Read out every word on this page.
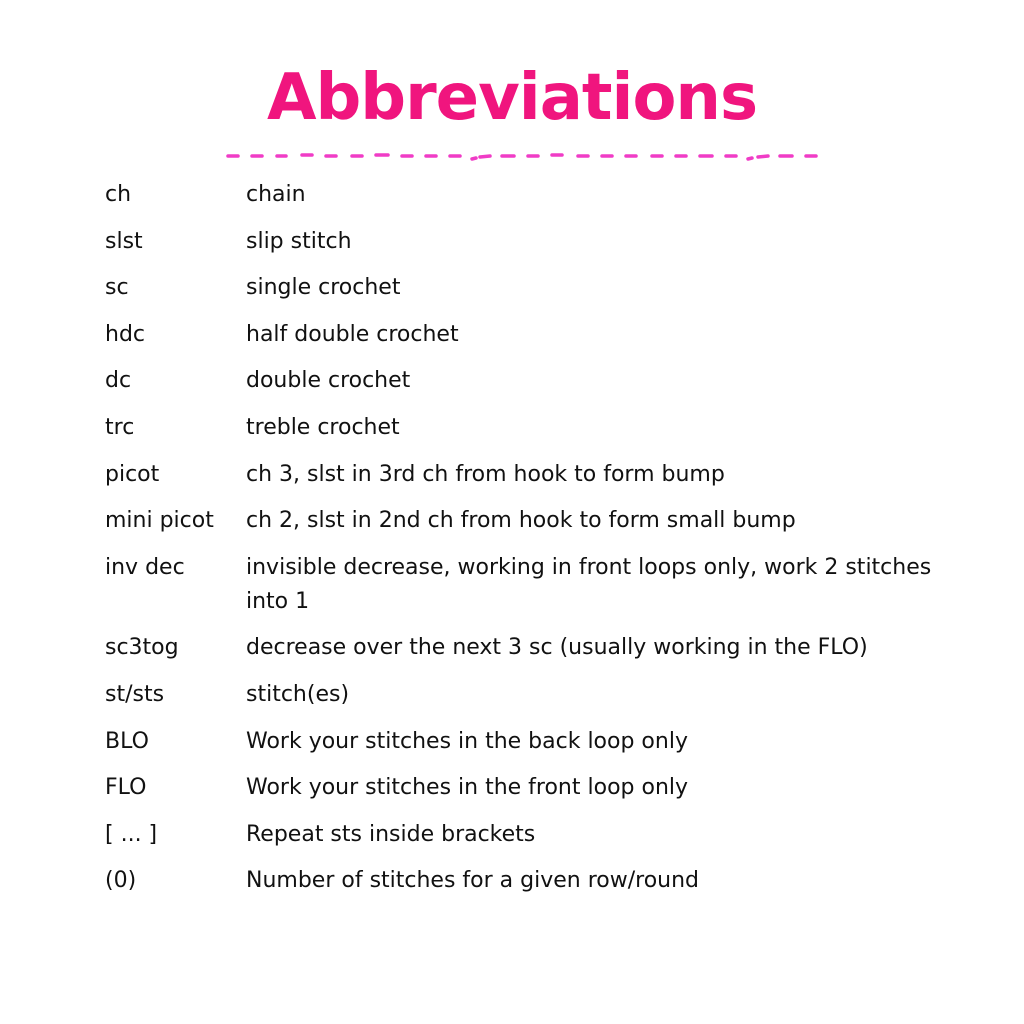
Abbreviations
ch	chain
slst	slip stitch
sc	single crochet
hdc	half double crochet
dc	double crochet
trc	treble crochet
picot	ch 3, slst in 3rd ch from hook to form bump
mini picot	ch 2, slst in 2nd ch from hook to form small bump
inv dec	invisible decrease, working in front loops only, work 2 stitches into 1
sc3tog	decrease over the next 3 sc (usually working in the FLO)
st/sts	stitch(es)
BLO	Work your stitches in the back loop only
FLO	Work your stitches in the front loop only
[ ... ]	Repeat sts inside brackets
(0)	Number of stitches for a given row/round
